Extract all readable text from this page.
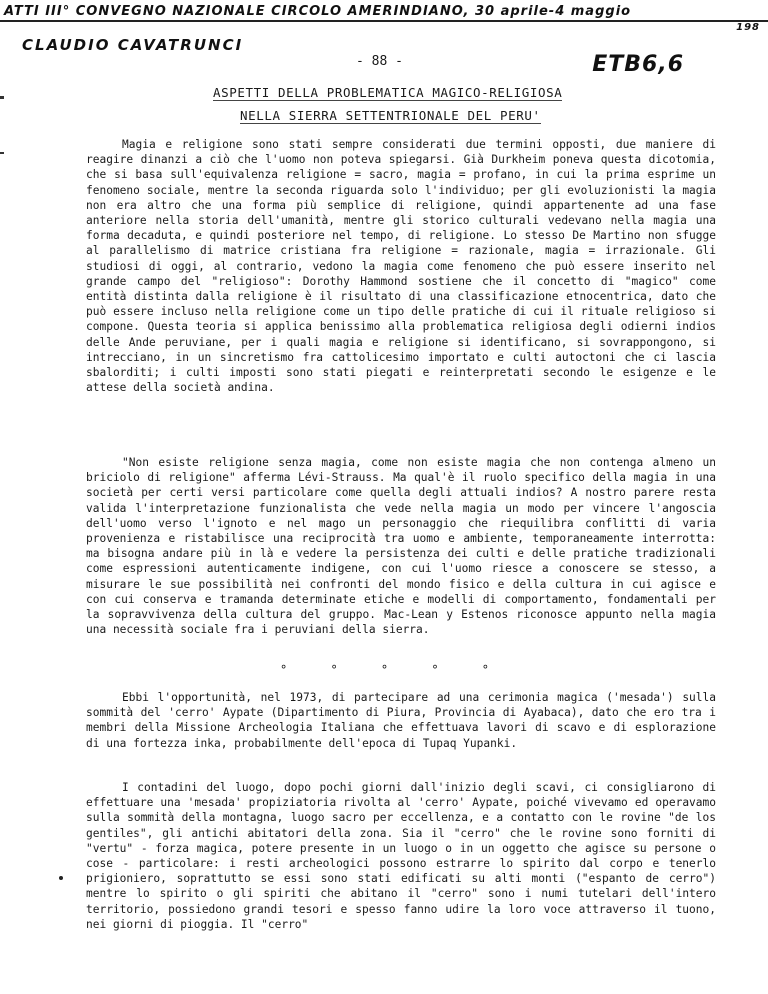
ATTI III° CONVEGNO NAZIONALE CIRCOLO AMERINDIANO, 30 aprile-4 maggio
198
CLAUDIO CAVATRUNCI
ETB6,6
- 88 -
ASPETTI DELLA PROBLEMATICA MAGICO-RELIGIOSA
NELLA SIERRA SETTENTRIONALE DEL PERU'

Magia e religione sono stati sempre considerati due termini opposti, due maniere di reagire dinanzi a ciò che l'uomo non poteva spiegarsi. Già Durkheim poneva questa dicotomia, che si basa sull'equivalenza religione = sacro, magia = profano, in cui la prima esprime un fenomeno sociale, mentre la seconda riguarda solo l'individuo; per gli evoluzionisti la magia non era altro che una forma più semplice di religione, quindi appartenente ad una fase anteriore nella storia dell'umanità, mentre gli storico culturali vedevano nella magia una forma decaduta, e quindi posteriore nel tempo, di religione. Lo stesso De Martino non sfugge al parallelismo di matrice cristiana fra religione = razionale, magia = irrazionale. Gli studiosi di oggi, al contrario, vedono la magia come fenomeno che può essere inserito nel grande campo del "religioso": Dorothy Hammond sostiene che il concetto di "magico" come entità distinta dalla religione è il risultato di una classificazione etnocentrica, dato che può essere incluso nella religione come un tipo delle pratiche di cui il rituale religioso si compone. Questa teoria si applica benissimo alla problematica religiosa degli odierni indios delle Ande peruviane, per i quali magia e religione si identificano, si sovrappongono, si intrecciano, in un sincretismo fra cattolicesimo importato e culti autoctoni che ci lascia sbalorditi; i culti imposti sono stati piegati e reinterpretati secondo le esigenze e le attese della società andina.

"Non esiste religione senza magia, come non esiste magia che non contenga almeno un briciolo di religione" afferma Lévi-Strauss. Ma qual'è il ruolo specifico della magia in una società per certi versi particolare come quella degli attuali indios? A nostro parere resta valida l'interpretazione funzionalista che vede nella magia un modo per vincere l'angoscia dell'uomo verso l'ignoto e nel mago un personaggio che riequilibra conflitti di varia provenienza e ristabilisce una reciprocità tra uomo e ambiente, temporaneamente interrotta: ma bisogna andare più in là e vedere la persistenza dei culti e delle pratiche tradizionali come espressioni autenticamente indigene, con cui l'uomo riesce a conoscere se stesso, a misurare le sue possibilità nei confronti del mondo fisico e della cultura in cui agisce e con cui conserva e tramanda determinate etiche e modelli di comportamento, fondamentali per la sopravvivenza della cultura del gruppo. Mac-Lean y Estenos riconosce appunto nella magia una necessità sociale fra i peruviani della sierra.

° ° ° ° °

Ebbi l'opportunità, nel 1973, di partecipare ad una cerimonia magica ('mesada') sulla sommità del 'cerro' Aypate (Dipartimento di Piura, Provincia di Ayabaca), dato che ero tra i membri della Missione Archeologia Italiana che effettuava lavori di scavo e di esplorazione di una fortezza inka, probabilmente dell'epoca di Tupaq Yupanki.

I contadini del luogo, dopo pochi giorni dall'inizio degli scavi, ci consigliarono di effettuare una 'mesada' propiziatoria rivolta al 'cerro' Aypate, poiché vivevamo ed operavamo sulla sommità della montagna, luogo sacro per eccellenza, e a contatto con le rovine "de los gentiles", gli antichi abitatori della zona. Sia il "cerro" che le rovine sono forniti di "vertu" - forza magica, potere presente in un luogo o in un oggetto che agisce su persone o cose - particolare: i resti archeologici possono estrarre lo spirito dal corpo e tenerlo prigioniero, soprattutto se essi sono stati edificati su alti monti ("espanto de cerro") mentre lo spirito o gli spiriti che abitano il "cerro" sono i numi tutelari dell'intero territorio, possiedono grandi tesori e spesso fanno udire la loro voce attraverso il tuono, nei giorni di pioggia. Il "cerro"
